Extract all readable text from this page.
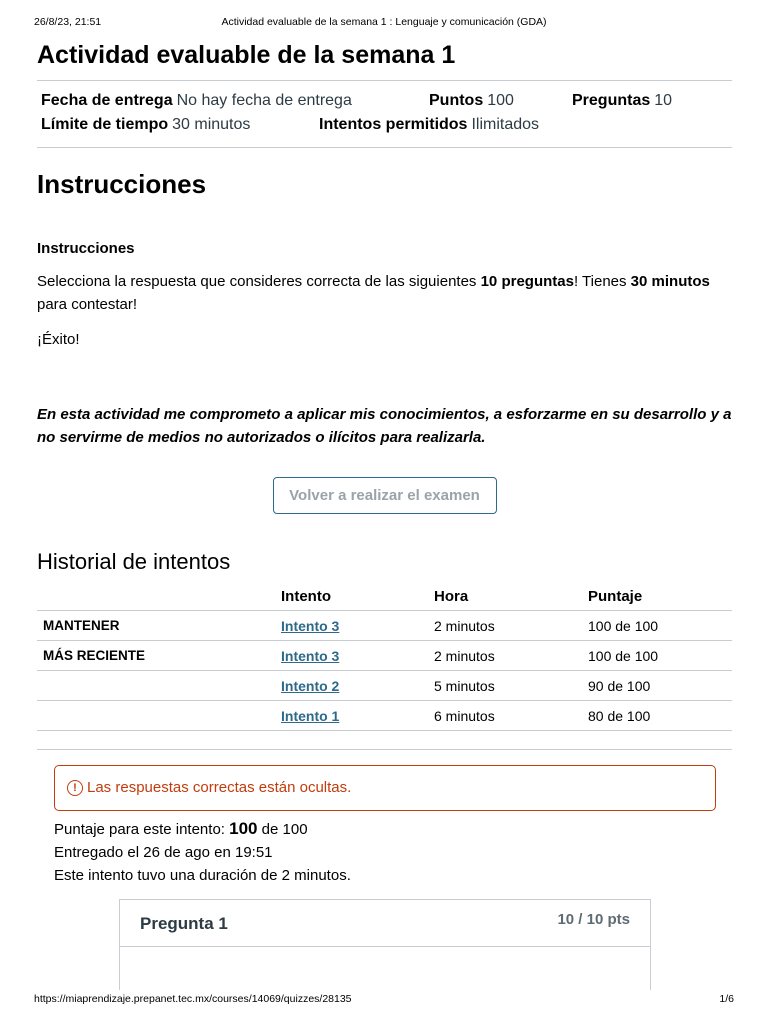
26/8/23, 21:51	Actividad evaluable de la semana 1 : Lenguaje y comunicación (GDA)
Actividad evaluable de la semana 1
Fecha de entrega No hay fecha de entrega	Puntos 100	Preguntas 10
Límite de tiempo 30 minutos	Intentos permitidos Ilimitados
Instrucciones
Instrucciones

Selecciona la respuesta que consideres correcta de las siguientes 10 preguntas! Tienes 30 minutos para contestar!

¡Éxito!

En esta actividad me comprometo a aplicar mis conocimientos, a esforzarme en su desarrollo y a no servirme de medios no autorizados o ilícitos para realizarla.

Volver a realizar el examen
Historial de intentos
	Intento	Hora	Puntaje
MANTENER	Intento 3	2 minutos	100 de 100
MÁS RECIENTE	Intento 3	2 minutos	100 de 100
	Intento 2	5 minutos	90 de 100
	Intento 1	6 minutos	80 de 100
! Las respuestas correctas están ocultas.
Puntaje para este intento: 100 de 100
Entregado el 26 de ago en 19:51
Este intento tuvo una duración de 2 minutos.
Pregunta 1	10 / 10 pts
https://miaprendizaje.prepanet.tec.mx/courses/14069/quizzes/28135	1/6
